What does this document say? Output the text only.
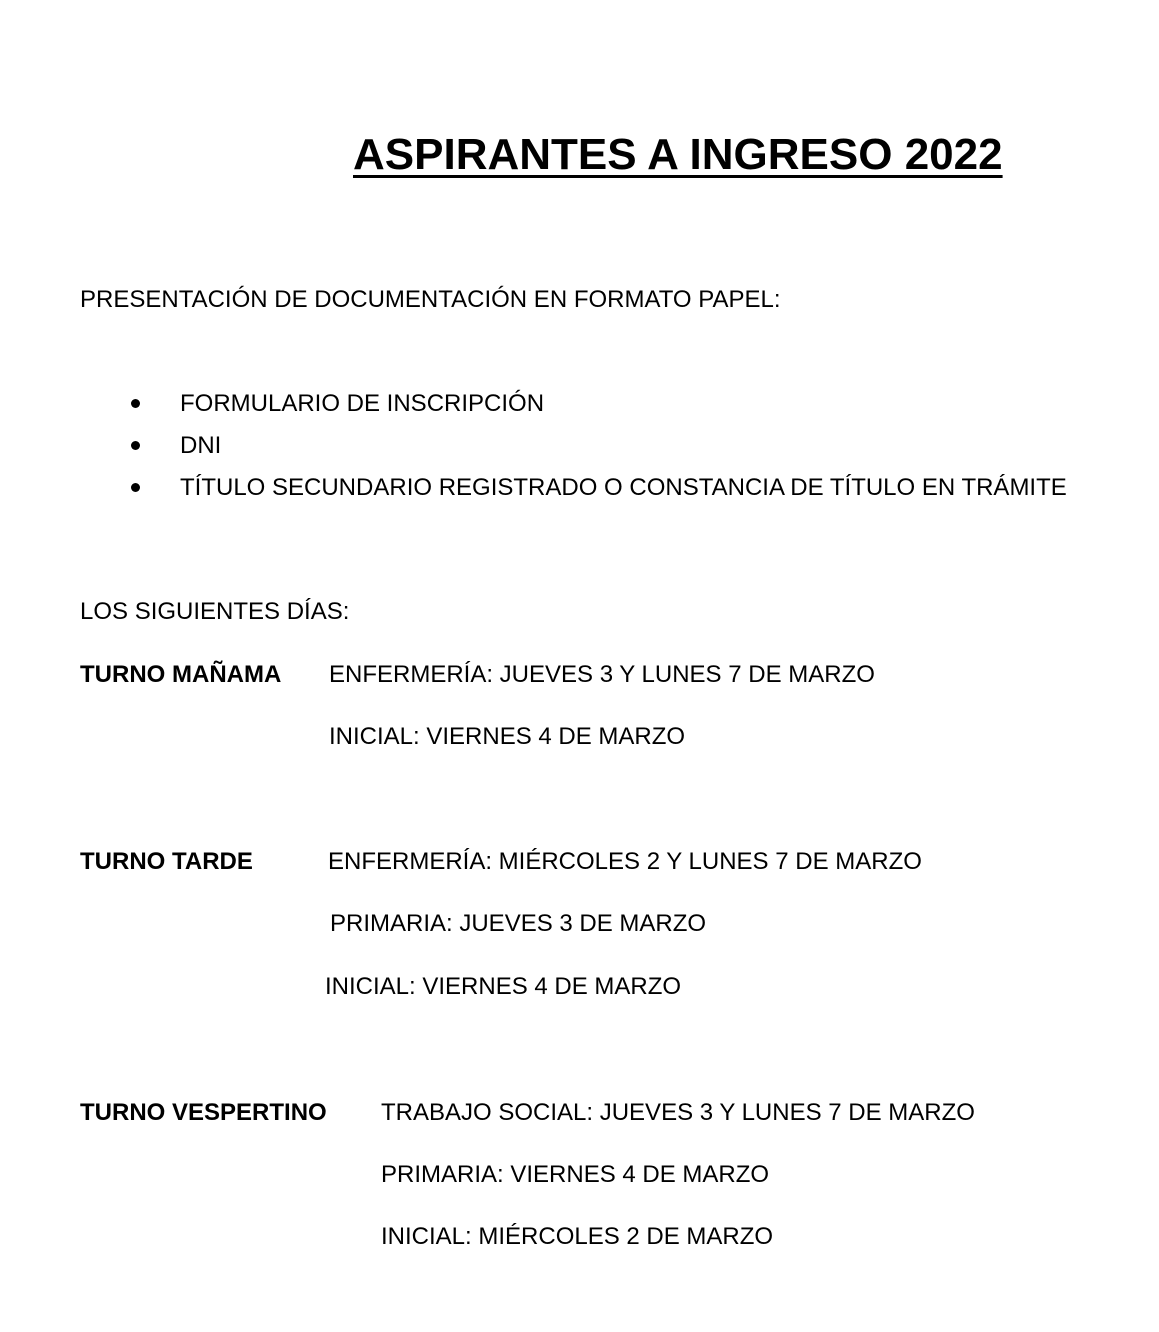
ASPIRANTES A INGRESO 2022
PRESENTACIÓN DE DOCUMENTACIÓN EN FORMATO PAPEL:
FORMULARIO DE INSCRIPCIÓN
DNI
TÍTULO SECUNDARIO REGISTRADO O CONSTANCIA DE TÍTULO EN TRÁMITE
LOS SIGUIENTES DÍAS:
TURNO MAÑAMA ENFERMERÍA: JUEVES 3 Y LUNES 7 DE MARZO
INICIAL: VIERNES 4 DE MARZO
TURNO TARDE	ENFERMERÍA: MIÉRCOLES 2 Y LUNES 7 DE MARZO
PRIMARIA: JUEVES 3 DE MARZO
INICIAL: VIERNES 4 DE MARZO
TURNO VESPERTINO TRABAJO SOCIAL: JUEVES 3 Y LUNES 7 DE MARZO
PRIMARIA: VIERNES 4 DE MARZO
INICIAL: MIÉRCOLES 2 DE MARZO
